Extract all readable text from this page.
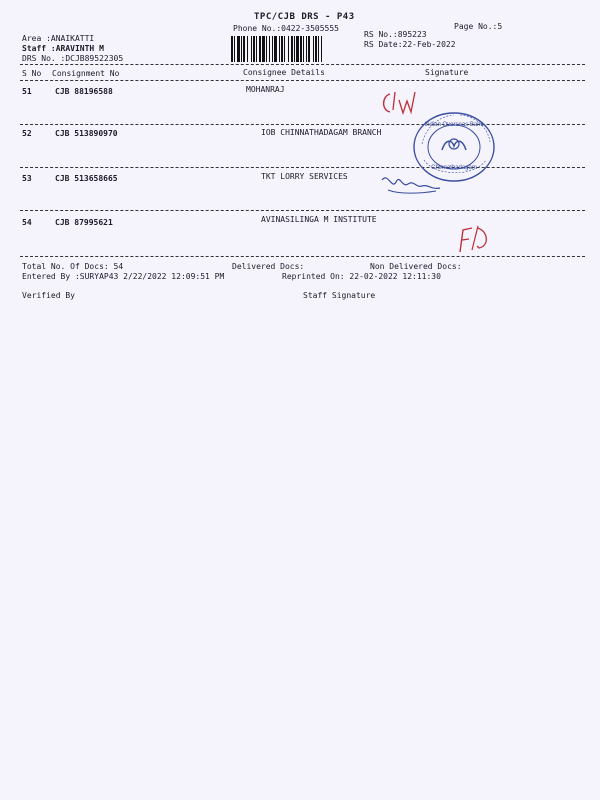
TPC/CJB DRS - P43
Phone No.:0422-3505555	Page No.:5
Area :ANAIKATTI
Staff :ARAVINTH M
DRS No. :DCJB89522305
RS No.:895223
RS Date:22-Feb-2022
S No Consignment No	Consignee Details	Signature
51	CJB 88196588	MOHANRAJ
52	CJB 513890970	IOB CHINNATHADAGAM BRANCH
53	CJB 513658665	TKT LORRY SERVICES
54	CJB 87995621	AVINASILINGA M INSTITUTE
C/W
Indian Overseas Bank
Chinnathadagam
Total No. Of Docs: 54	Delivered Docs:	Non Delivered Docs:
Entered By :SURYAP43 2/22/2022 12:09:51 PM	Reprinted On: 22-02-2022 12:11:30
Verified By	Staff Signature
